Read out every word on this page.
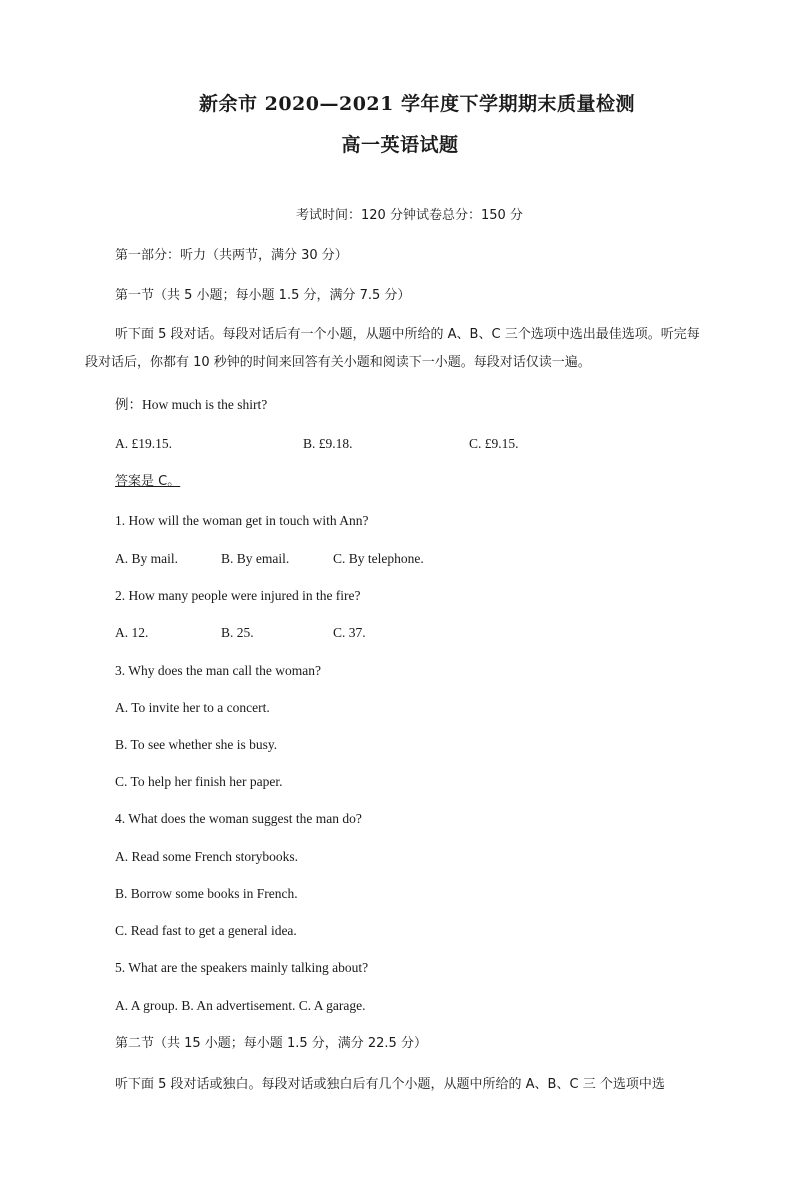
新余市 2020—2021 学年度下学期期末质量检测
高一英语试题
考试时间：120 分钟试卷总分：150 分
第一部分：听力（共两节，满分 30 分）
第一节（共 5 小题；每小题 1.5 分，满分 7.5 分）
听下面 5 段对话。每段对话后有一个小题，从题中所给的 A、B、C 三个选项中选出最佳选项。听完每段对话后，你都有 10 秒钟的时间来回答有关小题和阅读下一小题。每段对话仅读一遍。
例：How much is the shirt?
A. £19.15.	B. £9.18.	C. £9.15.
答案是 C。
1. How will the woman get in touch with Ann?
A. By mail.	B. By email.	C. By telephone.
2. How many people were injured in the fire?
A. 12.	B. 25.	C. 37.
3. Why does the man call the woman?
A. To invite her to a concert.
B. To see whether she is busy.
C. To help her finish her paper.
4. What does the woman suggest the man do?
A. Read some French storybooks.
B. Borrow some books in French.
C. Read fast to get a general idea.
5. What are the speakers mainly talking about?
A. A group. B. An advertisement. C. A garage.
第二节（共 15 小题；每小题 1.5 分，满分 22.5 分）
听下面 5 段对话或独白。每段对话或独白后有几个小题，从题中所给的 A、B、C 三 个选项中选
